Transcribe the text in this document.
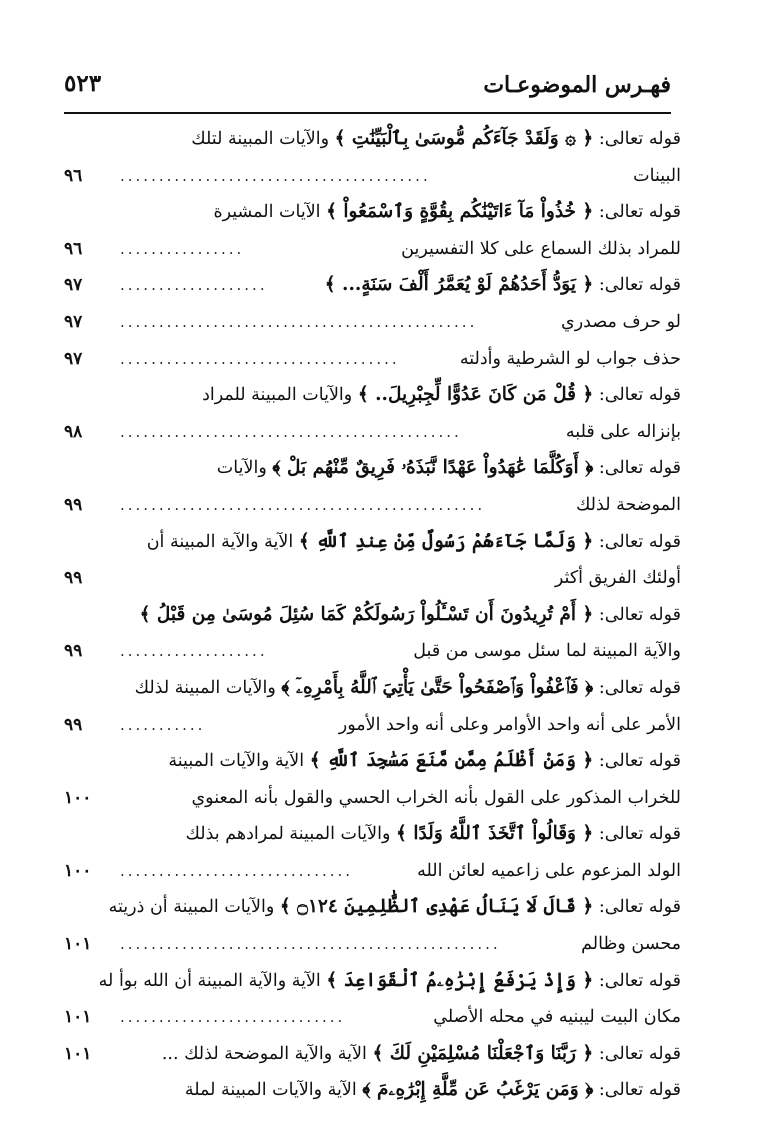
فهـرس الموضوعـات
٥٢٣
قوله تعالى: ﴿ ۞ وَلَقَدْ جَآءَكُم مُّوسَىٰ بِٱلْبَيِّنَٰتِ ﴾ والآيات المبينة لتلك
البينات
........................................
٩٦
قوله تعالى: ﴿ خُذُواْ مَآ ءَاتَيْنَٰكُم بِقُوَّةٍ وَٱسْمَعُواْ ﴾ الآيات المشيرة
للمراد بذلك السماع على كلا التفسيرين
................
٩٦
قوله تعالى: ﴿ يَوَدُّ أَحَدُهُمْ لَوْ يُعَمَّرُ أَلْفَ سَنَةٍ... ﴾
...................
٩٧
لو حرف مصدري
..............................................
٩٧
حذف جواب لو الشرطية وأدلته
....................................
٩٧
قوله تعالى: ﴿ قُلْ مَن كَانَ عَدُوًّا لِّجِبْرِيلَ.. ﴾ والآيات المبينة للمراد
بإنزاله على قلبه
............................................
٩٨
قوله تعالى: ﴿ أَوَكُلَّمَا عَٰهَدُواْ عَهْدًا نَّبَذَهُۥ فَرِيقٌ مِّنْهُم بَلْ ﴾ والآيات
الموضحة لذلك
...............................................
٩٩
قوله تعالى: ﴿ وَلَمَّا جَآءَهُمْ رَسُولٌ مِّنْ عِندِ ٱللَّهِ ﴾ الآية والآية المبينة أن
أولئك الفريق أكثر
٩٩
قوله تعالى: ﴿ أَمْ تُرِيدُونَ أَن تَسْـَٔلُواْ رَسُولَكُمْ كَمَا سُئِلَ مُوسَىٰ مِن قَبْلُ ﴾
والآية المبينة لما سئل موسى من قبل
...................
٩٩
قوله تعالى: ﴿ فَٱعْفُواْ وَٱصْفَحُواْ حَتَّىٰ يَأْتِيَ ٱللَّهُ بِأَمْرِهِۦٓ ﴾ والآيات المبينة لذلك
الأمر على أنه واحد الأوامر وعلى أنه واحد الأمور
...........
٩٩
قوله تعالى: ﴿ وَمَنْ أَظْلَمُ مِمَّن مَّنَعَ مَسَٰجِدَ ٱللَّهِ ﴾ الآية والآيات المبينة
للخراب المذكور على القول بأنه الخراب الحسي والقول بأنه المعنوي
١٠٠
قوله تعالى: ﴿ وَقَالُواْ ٱتَّخَذَ ٱللَّهُ وَلَدًا ﴾ والآيات المبينة لمرادهم بذلك
الولد المزعوم على زاعميه لعائن الله
..............................
١٠٠
قوله تعالى: ﴿ قَالَ لَا يَنَالُ عَهْدِى ٱلظَّٰلِمِينَ ۝١٢٤ ﴾ والآيات المبينة أن ذريته
محسن وظالم
.................................................
١٠١
قوله تعالى: ﴿ وَإِذْ يَرْفَعُ إِبْرَٰهِۦمُ ٱلْقَوَاعِدَ ﴾ الآية والآية المبينة أن الله بوأ له
مكان البيت ليبنيه في محله الأصلي
.............................
١٠١
قوله تعالى: ﴿ رَبَّنَا وَٱجْعَلْنَا مُسْلِمَيْنِ لَكَ ﴾ الآية والآية الموضحة لذلك ...
١٠١
قوله تعالى: ﴿ وَمَن يَرْغَبُ عَن مِّلَّةِ إِبْرَٰهِۦمَ ﴾ الآية والآيات المبينة لملة
